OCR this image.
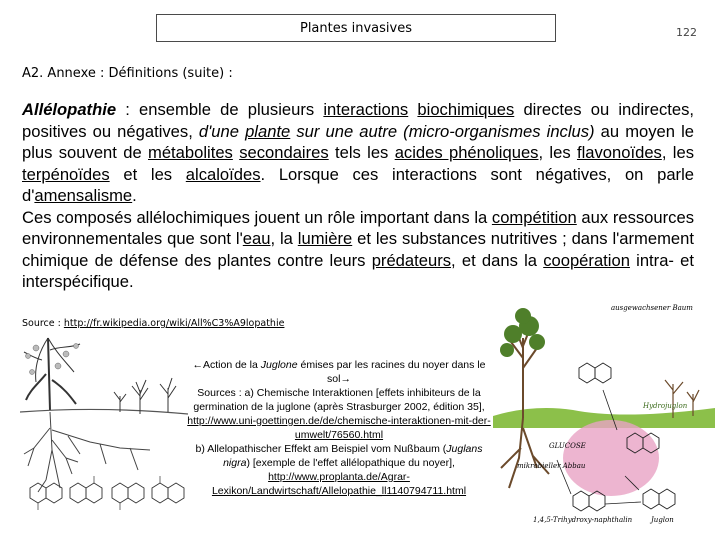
Plantes invasives	122
A2. Annexe : Définitions (suite) :

Allélopathie : ensemble de plusieurs interactions biochimiques directes ou indirectes, positives ou négatives, d'une plante sur une autre (micro-organismes inclus) au moyen le plus souvent de métabolites secondaires tels les acides phénoliques, les flavonoïdes, les terpénoïdes et les alcaloïdes. Lorsque ces interactions sont négatives, on parle d'amensalisme.

Ces composés allélochimiques jouent un rôle important dans la compétition aux ressources environnementales que sont l'eau, la lumière et les substances nutritives ; dans l'armement chimique de défense des plantes contre leurs prédateurs, et dans la coopération intra- et interspécifique.

Source : http://fr.wikipedia.org/wiki/All%C3%A9lopathie
←Action de la Juglone émises par les racines du noyer dans le sol→
Sources : a) Chemische Interaktionen [effets inhibiteurs de la germination de la juglone (après Strasburger 2002, édition 35], http://www.uni-goettingen.de/de/chemische-interaktionen-mit-der-umwelt/76560.html
b) Allelopathischer Effekt am Beispiel vom Nußbaum (Juglans nigra) [exemple de l'effet allélopathique du noyer],
http://www.proplanta.de/Agrar-Lexikon/Landwirtschaft/Allelopathie_ll1140794711.html
ausgewachsener Baum
Hydrojuglon
GLUCOSE
mikrobieller Abbau
1,4,5-Trihydroxy-naphthalin	Juglon
